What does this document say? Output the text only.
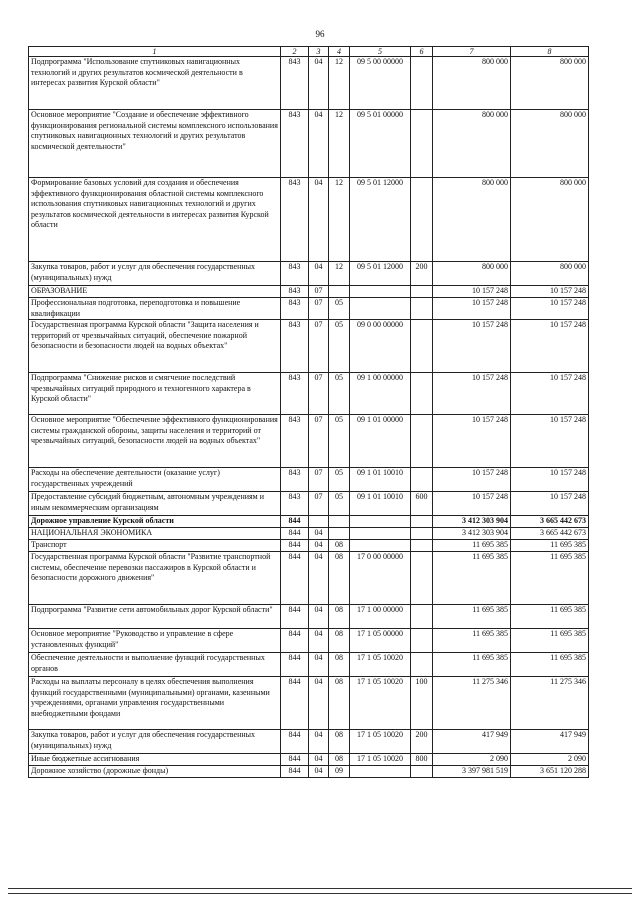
96
1	2	3	4	5	6	7	8
Подпрограмма "Использование спутниковых навигационных технологий и других результатов космической деятельности в интересах развития Курской области"	843	04	12	09 5 00 00000		800 000	800 000
Основное мероприятие "Создание и обеспечение эффективного функционирования региональной системы комплексного использования спутниковых навигационных технологий и других результатов космической деятельности"	843	04	12	09 5 01 00000		800 000	800 000
Формирование базовых условий для создания и обеспечения эффективного функционирования областной системы комплексного использования спутниковых навигационных технологий и других результатов космической деятельности в интересах развития Курской области	843	04	12	09 5 01 12000		800 000	800 000
Закупка товаров, работ и услуг для обеспечения государственных (муниципальных) нужд	843	04	12	09 5 01 12000	200	800 000	800 000
ОБРАЗОВАНИЕ	843	07				10 157 248	10 157 248
Профессиональная подготовка, переподготовка и повышение квалификации	843	07	05			10 157 248	10 157 248
Государственная программа Курской области "Защита населения и территорий от чрезвычайных ситуаций, обеспечение пожарной безопасности и безопасности людей на водных объектах"	843	07	05	09 0 00 00000		10 157 248	10 157 248
Подпрограмма "Снижение рисков и смягчение последствий чрезвычайных ситуаций природного и техногенного характера в Курской области"	843	07	05	09 1 00 00000		10 157 248	10 157 248
Основное мероприятие "Обеспечение эффективного функционирования системы гражданской обороны, защиты населения и территорий от чрезвычайных ситуаций, безопасности людей на водных объектах"	843	07	05	09 1 01 00000		10 157 248	10 157 248
Расходы на обеспечение деятельности (оказание услуг) государственных учреждений	843	07	05	09 1 01 10010		10 157 248	10 157 248
Предоставление субсидий бюджетным, автономным учреждениям и иным некоммерческим организациям	843	07	05	09 1 01 10010	600	10 157 248	10 157 248
Дорожное управление Курской области	844					3 412 303 904	3 665 442 673
НАЦИОНАЛЬНАЯ ЭКОНОМИКА	844	04				3 412 303 904	3 665 442 673
Транспорт	844	04	08			11 695 385	11 695 385
Государственная программа Курской области "Развитие транспортной системы, обеспечение перевозки пассажиров в Курской области и безопасности дорожного движения"	844	04	08	17 0 00 00000		11 695 385	11 695 385
Подпрограмма "Развитие сети автомобильных дорог Курской области"	844	04	08	17 1 00 00000		11 695 385	11 695 385
Основное мероприятие "Руководство и управление в сфере установленных функций"	844	04	08	17 1 05 00000		11 695 385	11 695 385
Обеспечение деятельности и выполнение функций государственных органов	844	04	08	17 1 05 10020		11 695 385	11 695 385
Расходы на выплаты персоналу в целях обеспечения выполнения функций государственными (муниципальными) органами, казенными учреждениями, органами управления государственными внебюджетными фондами	844	04	08	17 1 05 10020	100	11 275 346	11 275 346
Закупка товаров, работ и услуг для обеспечения государственных (муниципальных) нужд	844	04	08	17 1 05 10020	200	417 949	417 949
Иные бюджетные ассигнования	844	04	08	17 1 05 10020	800	2 090	2 090
Дорожное хозяйство (дорожные фонды)	844	04	09			3 397 981 519	3 651 120 288
